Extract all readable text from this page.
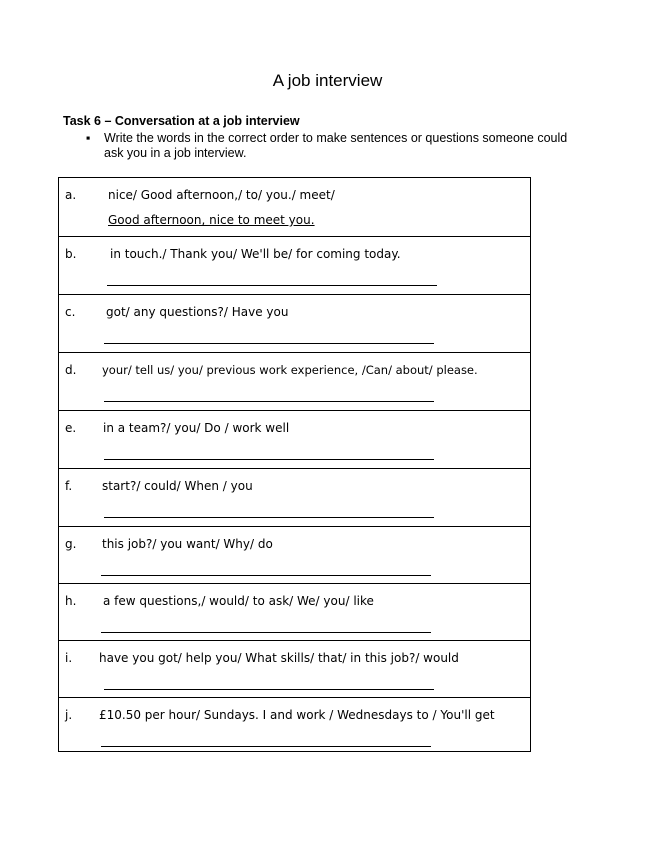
A job interview
Task 6 – Conversation at a job interview
▪ Write the words in the correct order to make sentences or questions someone could
ask you in a job interview.
a.	nice/ Good afternoon,/ to/ you./ meet/
Good afternoon, nice to meet you.
b.	in touch./ Thank you/ We'll be/ for coming today.
c.	got/ any questions?/ Have you
d. your/ tell us/ you/ previous work experience, /Can/ about/ please.
e. in a team?/ you/ Do / work well
f. start?/ could/ When / you
g. this job?/ you want/ Why/ do
h. a few questions,/ would/ to ask/ We/ you/ like
i. have you got/ help you/ What skills/ that/ in this job?/ would
j. £10.50 per hour/ Sundays. I and work / Wednesdays to / You'll get
